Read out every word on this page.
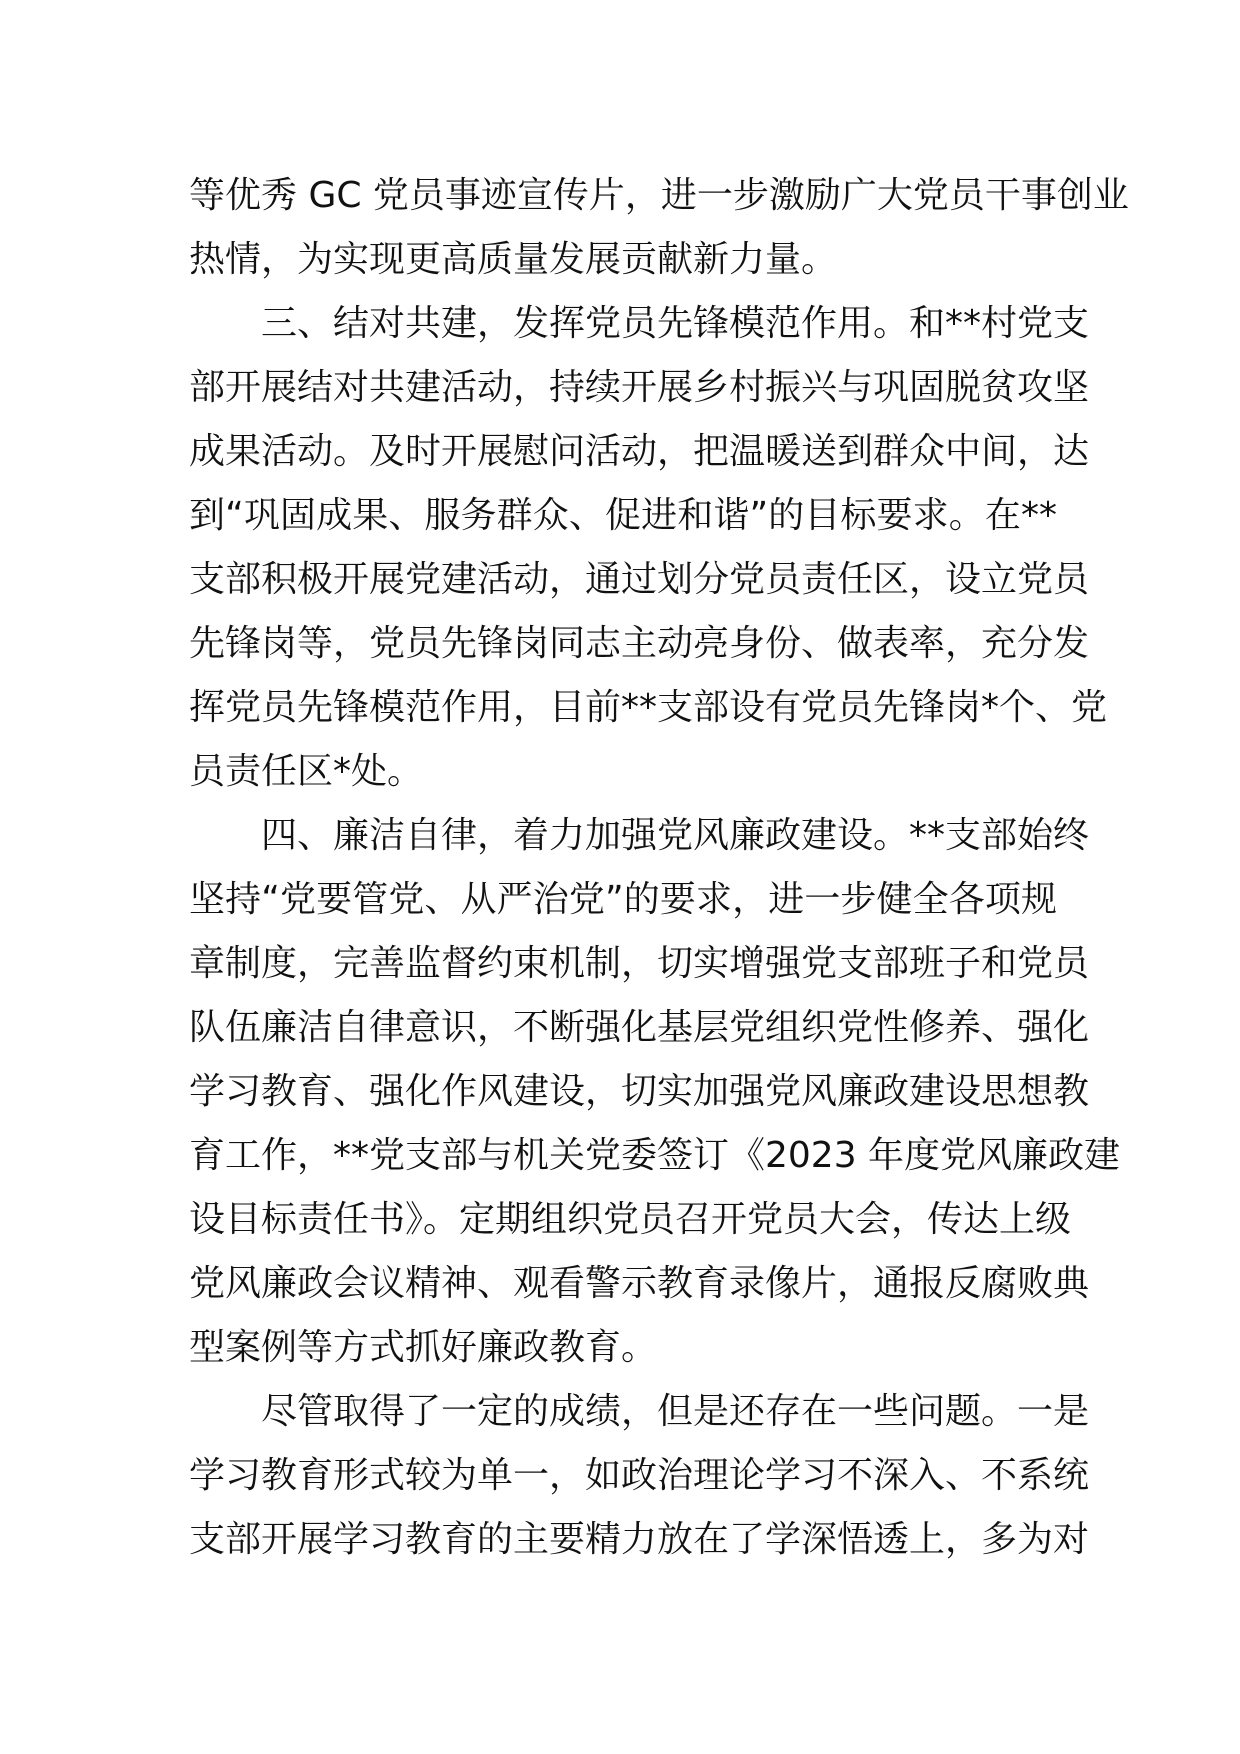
等优秀 GC 党员事迹宣传片，进一步激励广大党员干事创业
热情，为实现更高质量发展贡献新力量。
三、结对共建，发挥党员先锋模范作用。和**村党支
部开展结对共建活动，持续开展乡村振兴与巩固脱贫攻坚
成果活动。及时开展慰问活动，把温暖送到群众中间，达
到“巩固成果、服务群众、促进和谐”的目标要求。在**
支部积极开展党建活动，通过划分党员责任区，设立党员
先锋岗等，党员先锋岗同志主动亮身份、做表率，充分发
挥党员先锋模范作用，目前**支部设有党员先锋岗*个、党
员责任区*处。
四、廉洁自律，着力加强党风廉政建设。**支部始终
坚持“党要管党、从严治党”的要求，进一步健全各项规
章制度，完善监督约束机制，切实增强党支部班子和党员
队伍廉洁自律意识，不断强化基层党组织党性修养、强化
学习教育、强化作风建设，切实加强党风廉政建设思想教
育工作，**党支部与机关党委签订《2023 年度党风廉政建
设目标责任书》。定期组织党员召开党员大会，传达上级
党风廉政会议精神、观看警示教育录像片，通报反腐败典
型案例等方式抓好廉政教育。
尽管取得了一定的成绩，但是还存在一些问题。一是
学习教育形式较为单一，如政治理论学习不深入、不系统
支部开展学习教育的主要精力放在了学深悟透上，多为对
